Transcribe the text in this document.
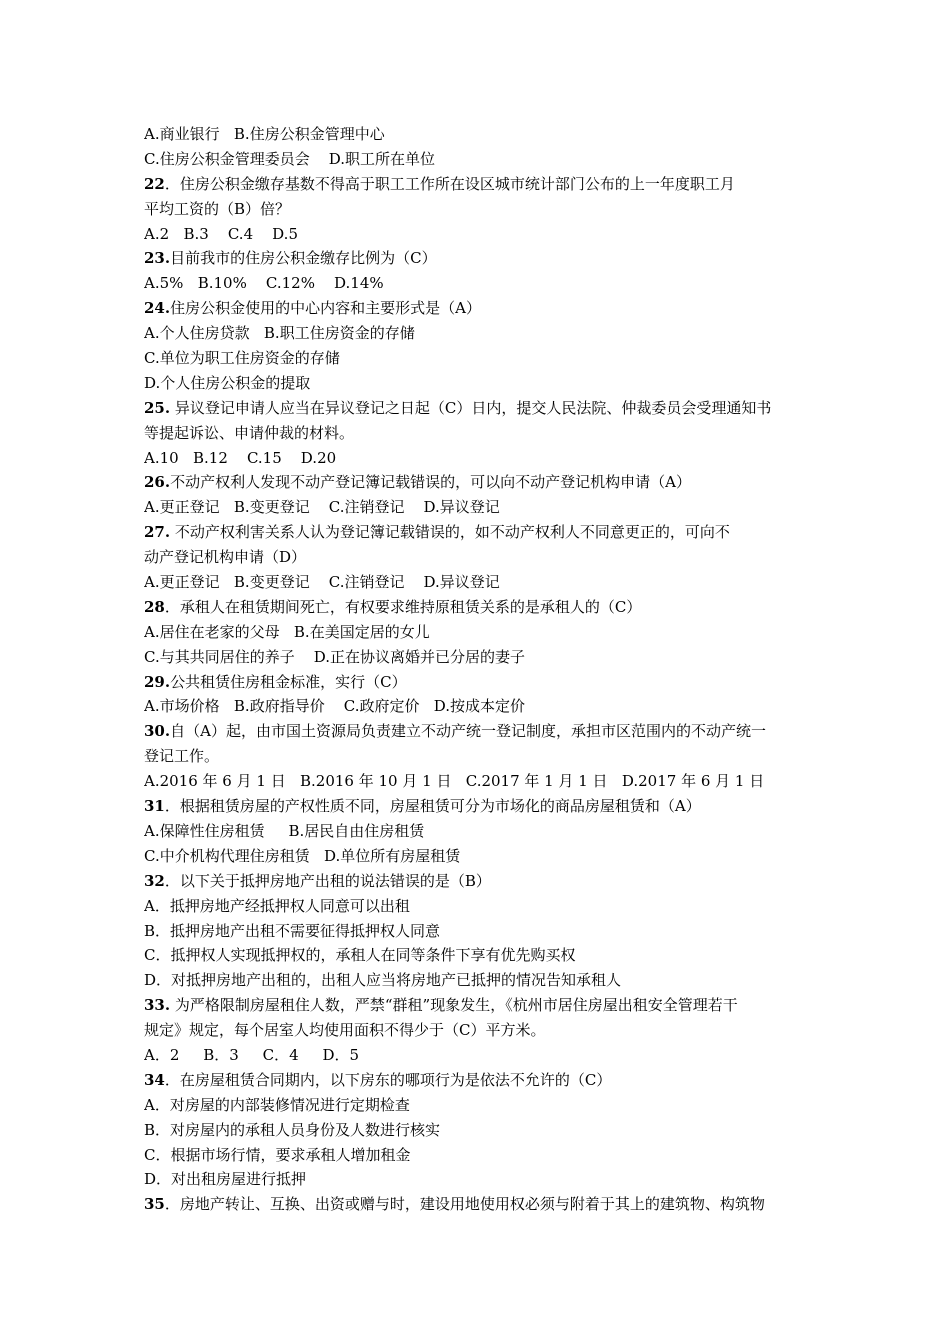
A.商业银行   B.住房公积金管理中心
C.住房公积金管理委员会    D.职工所在单位
22．住房公积金缴存基数不得高于职工工作所在设区城市统计部门公布的上一年度职工月
平均工资的（B）倍？
A.2   B.3    C.4    D.5
23.目前我市的住房公积金缴存比例为（C）
A.5%   B.10%    C.12%    D.14%
24.住房公积金使用的中心内容和主要形式是（A）
A.个人住房贷款   B.职工住房资金的存储
C.单位为职工住房资金的存储
D.个人住房公积金的提取
25. 异议登记申请人应当在异议登记之日起（C）日内，提交人民法院、仲裁委员会受理通知书
等提起诉讼、申请仲裁的材料。
A.10   B.12    C.15    D.20
26.不动产权利人发现不动产登记簿记载错误的，可以向不动产登记机构申请（A）
A.更正登记   B.变更登记    C.注销登记    D.异议登记
27. 不动产权利害关系人认为登记簿记载错误的，如不动产权利人不同意更正的，可向不
动产登记机构申请（D）
A.更正登记   B.变更登记    C.注销登记    D.异议登记
28．承租人在租赁期间死亡，有权要求维持原租赁关系的是承租人的（C）
A.居住在老家的父母   B.在美国定居的女儿
C.与其共同居住的养子    D.正在协议离婚并已分居的妻子
29.公共租赁住房租金标准，实行（C）
A.市场价格   B.政府指导价    C.政府定价   D.按成本定价
30.自（A）起，由市国土资源局负责建立不动产统一登记制度，承担市区范围内的不动产统一
登记工作。
A.2016 年 6 月 1 日   B.2016 年 10 月 1 日   C.2017 年 1 月 1 日   D.2017 年 6 月 1 日
31．根据租赁房屋的产权性质不同，房屋租赁可分为市场化的商品房屋租赁和（A）
A.保障性住房租赁     B.居民自由住房租赁
C.中介机构代理住房租赁   D.单位所有房屋租赁
32．以下关于抵押房地产出租的说法错误的是（B）
A．抵押房地产经抵押权人同意可以出租
B．抵押房地产出租不需要征得抵押权人同意
C．抵押权人实现抵押权的，承租人在同等条件下享有优先购买权
D．对抵押房地产出租的，出租人应当将房地产已抵押的情况告知承租人
33. 为严格限制房屋租住人数，严禁“群租”现象发生，《杭州市居住房屋出租安全管理若干
规定》规定，每个居室人均使用面积不得少于（C）平方米。
A．2     B．3     C．4     D．5
34．在房屋租赁合同期内，以下房东的哪项行为是依法不允许的（C）
A．对房屋的内部装修情况进行定期检查
B．对房屋内的承租人员身份及人数进行核实
C．根据市场行情，要求承租人增加租金
D．对出租房屋进行抵押
35．房地产转让、互换、出资或赠与时，建设用地使用权必须与附着于其上的建筑物、构筑物
